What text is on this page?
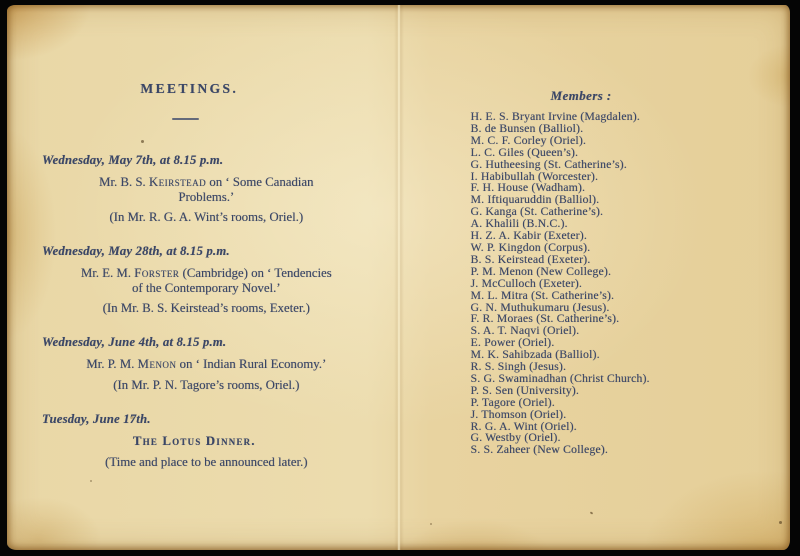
MEETINGS.

Wednesday, May 7th, at 8.15 p.m.

Mr. B. S. Keirstead on ‘ Some Canadian
Problems.’

(In Mr. R. G. A. Wint’s rooms, Oriel.)

Wednesday, May 28th, at 8.15 p.m.

Mr. E. M. Forster (Cambridge) on ‘ Tendencies
of the Contemporary Novel.’

(In Mr. B. S. Keirstead’s rooms, Exeter.)

Wednesday, June 4th, at 8.15 p.m.

Mr. P. M. Menon on ‘ Indian Rural Economy.’

(In Mr. P. N. Tagore’s rooms, Oriel.)

Tuesday, June 17th.

The Lotus Dinner.

(Time and place to be announced later.)

Members :
H. E. S. Bryant Irvine (Magdalen).
B. de Bunsen (Balliol).
M. C. F. Corley (Oriel).
L. C. Giles (Queen’s).
G. Hutheesing (St. Catherine’s).
I. Habibullah (Worcester).
F. H. House (Wadham).
M. Iftiquaruddin (Balliol).
G. Kanga (St. Catherine’s).
A. Khalili (B.N.C.).
H. Z. A. Kabir (Exeter).
W. P. Kingdon (Corpus).
B. S. Keirstead (Exeter).
P. M. Menon (New College).
J. McCulloch (Exeter).
M. L. Mitra (St. Catherine’s).
G. N. Muthukumaru (Jesus).
F. R. Moraes (St. Catherine’s).
S. A. T. Naqvi (Oriel).
E. Power (Oriel).
M. K. Sahibzada (Balliol).
R. S. Singh (Jesus).
S. G. Swaminadhan (Christ Church).
P. S. Sen (University).
P. Tagore (Oriel).
J. Thomson (Oriel).
R. G. A. Wint (Oriel).
G. Westby (Oriel).
S. S. Zaheer (New College).
